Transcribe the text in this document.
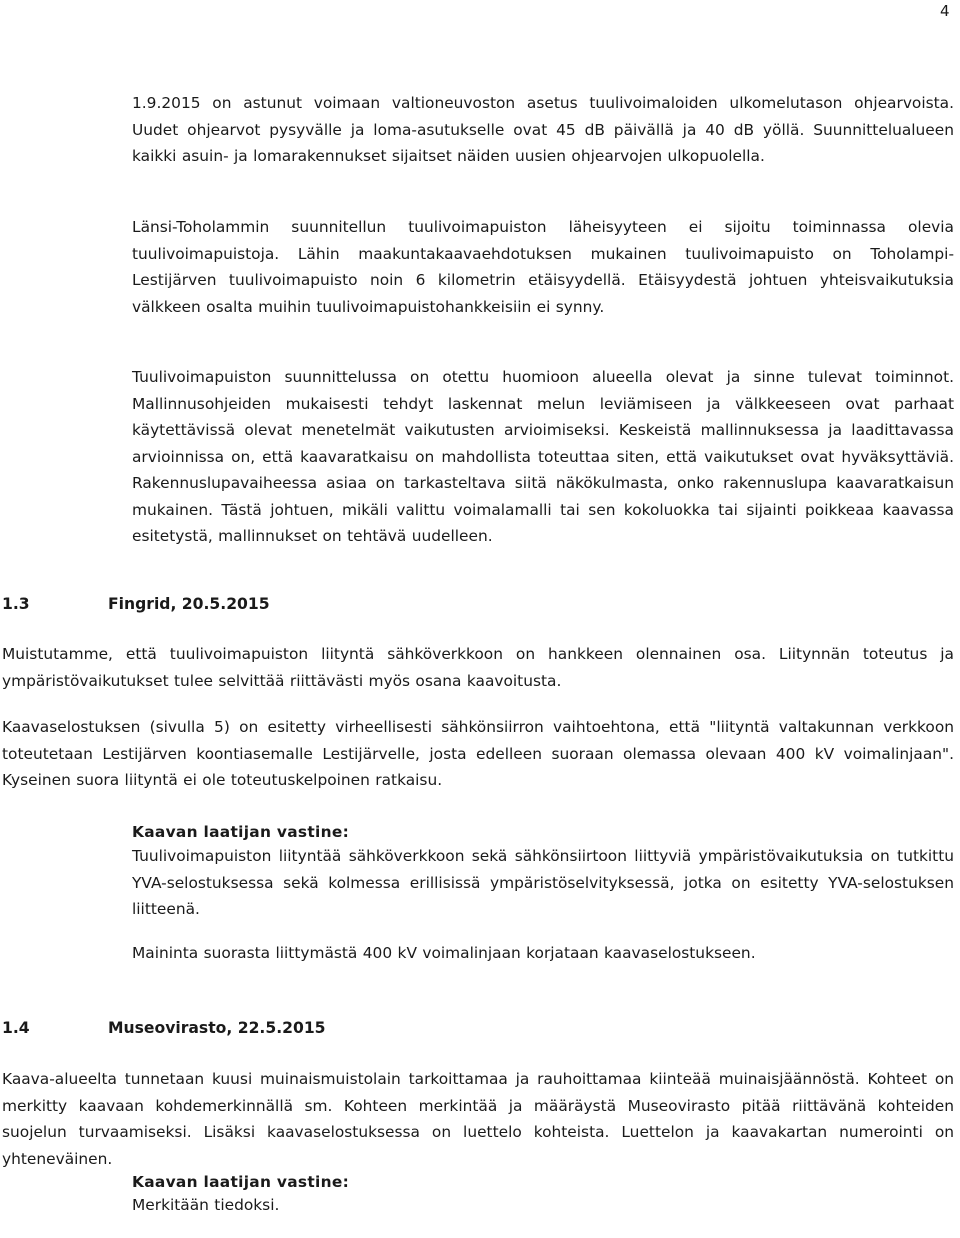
4

1.9.2015 on astunut voimaan valtioneuvoston asetus tuulivoimaloiden ulkomelutason ohjearvoista. Uudet ohjearvot pysyvälle ja loma-asutukselle ovat 45 dB päivällä ja 40 dB yöllä. Suunnittelualueen kaikki asuin- ja lomarakennukset sijaitset näiden uusien ohjearvojen ulkopuolella.

Länsi-Toholammin suunnitellun tuulivoimapuiston läheisyyteen ei sijoitu toiminnassa olevia tuulivoimapuistoja. Lähin maakuntakaavaehdotuksen mukainen tuulivoimapuisto on Toholampi-Lestijärven tuulivoimapuisto noin 6 kilometrin etäisyydellä. Etäisyydestä johtuen yhteisvaikutuksia välkkeen osalta muihin tuulivoimapuistohankkeisiin ei synny.

Tuulivoimapuiston suunnittelussa on otettu huomioon alueella olevat ja sinne tulevat toiminnot. Mallinnusohjeiden mukaisesti tehdyt laskennat melun leviämiseen ja välkkeeseen ovat parhaat käytettävissä olevat menetelmät vaikutusten arvioimiseksi. Keskeistä mallinnuksessa ja laadittavassa arvioinnissa on, että kaavaratkaisu on mahdollista toteuttaa siten, että vaikutukset ovat hyväksyttäviä. Rakennuslupavaiheessa asiaa on tarkasteltava siitä näkökulmasta, onko rakennuslupa kaavaratkaisun mukainen. Tästä johtuen, mikäli valittu voimalamalli tai sen kokoluokka tai sijainti poikkeaa kaavassa esitetystä, mallinnukset on tehtävä uudelleen.

1.3	Fingrid, 20.5.2015

Muistutamme, että tuulivoimapuiston liityntä sähköverkkoon on hankkeen olennainen osa. Liitynnän toteutus ja ympäristövaikutukset tulee selvittää riittävästi myös osana kaavoitusta.

Kaavaselostuksen (sivulla 5) on esitetty virheellisesti sähkönsiirron vaihtoehtona, että "liityntä valtakunnan verkkoon toteutetaan Lestijärven koontiasemalle Lestijärvelle, josta edelleen suoraan olemassa olevaan 400 kV voimalinjaan". Kyseinen suora liityntä ei ole toteutuskelpoinen ratkaisu.

Kaavan laatijan vastine:

Tuulivoimapuiston liityntää sähköverkkoon sekä sähkönsiirtoon liittyviä ympäristövaikutuksia on tutkittu YVA-selostuksessa sekä kolmessa erillisissä ympäristöselvityksessä, jotka on esitetty YVA-selostuksen liitteenä.

Maininta suorasta liittymästä 400 kV voimalinjaan korjataan kaavaselostukseen.

1.4	Museovirasto, 22.5.2015

Kaava-alueelta tunnetaan kuusi muinaismuistolain tarkoittamaa ja rauhoittamaa kiinteää muinaisjäännöstä. Kohteet on merkitty kaavaan kohdemerkinnällä sm. Kohteen merkintää ja määräystä Museovirasto pitää riittävänä kohteiden suojelun turvaamiseksi. Lisäksi kaavaselostuksessa on luettelo kohteista. Luettelon ja kaavakartan numerointi on yhteneväinen.

Kaavan laatijan vastine:

Merkitään tiedoksi.
